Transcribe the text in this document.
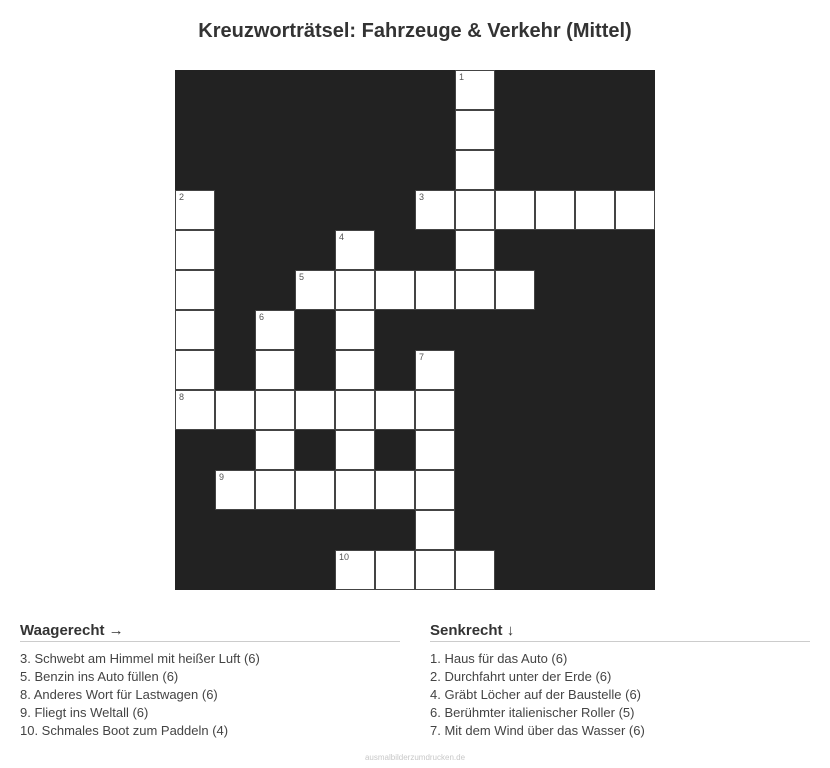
Kreuzworträtsel: Fahrzeuge & Verkehr (Mittel)
1
2	3
4
5
6
7
8
9
10
Waagerecht →
3. Schwebt am Himmel mit heißer Luft (6)
5. Benzin ins Auto füllen (6)
8. Anderes Wort für Lastwagen (6)
9. Fliegt ins Weltall (6)
10. Schmales Boot zum Paddeln (4)
Senkrecht ↓
1. Haus für das Auto (6)
2. Durchfahrt unter der Erde (6)
4. Gräbt Löcher auf der Baustelle (6)
6. Berühmter italienischer Roller (5)
7. Mit dem Wind über das Wasser (6)
ausmalbilderzumdrucken.de
